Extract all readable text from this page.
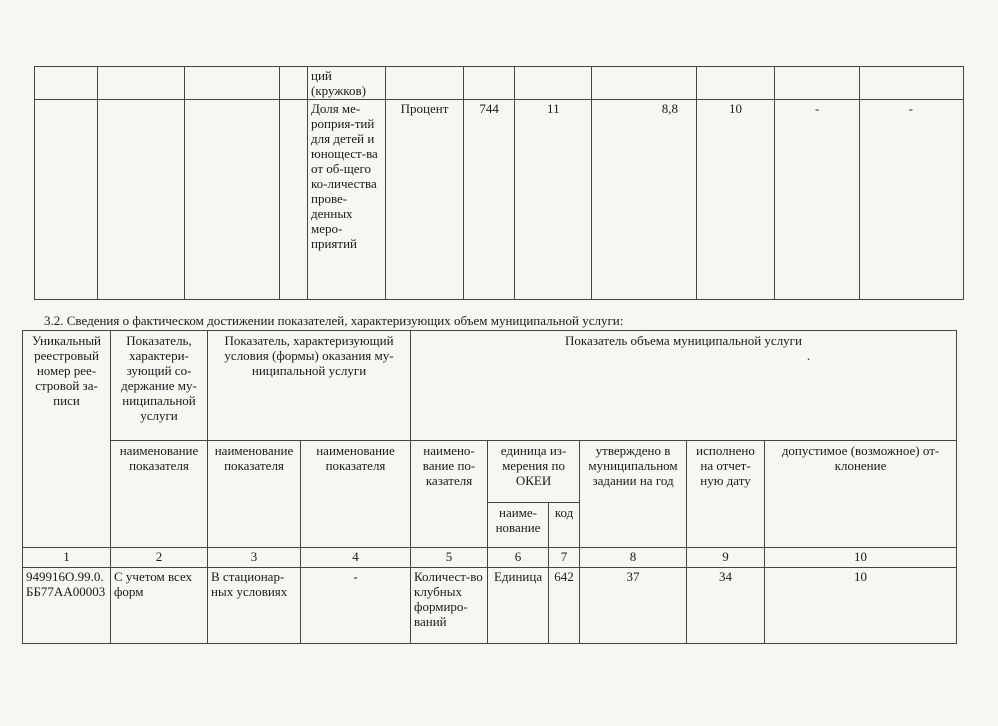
				ций (кружков)							

				Доля ме-роприя-тий для детей и юнощест-ва от об-щего ко-личества прове-денных меро-приятий	Процент	744	11	8,8	10	-	-
3.2. Сведения о фактическом достижении показателей, характеризующих объем муниципальной услуги:
Уникальный реестровый номер рее-стровой за-писи	Показатель, характери-зующий со-держание му-ниципальной услуги	Показатель, характеризующий условия (формы) оказания му-ниципальной услуги		Показатель объема муниципальной услуги
.					

	наименование показателя	наименование показателя	наименование показателя	наимено-вание по-казателя	единица из-мерения по ОКЕИ		утверждено в муниципальном задании на год	исполнено на отчет-ную дату	допустимое (возможное) от-клонение
					наиме-нование	код			
1	2	3	4	5	6	7	8	9	10
949916О.99.0.ББ77АА00003	С учетом всех форм	В стационар-ных условиях	-	Количест-во клубных формиро-ваний	Единица	642	37	34	10
